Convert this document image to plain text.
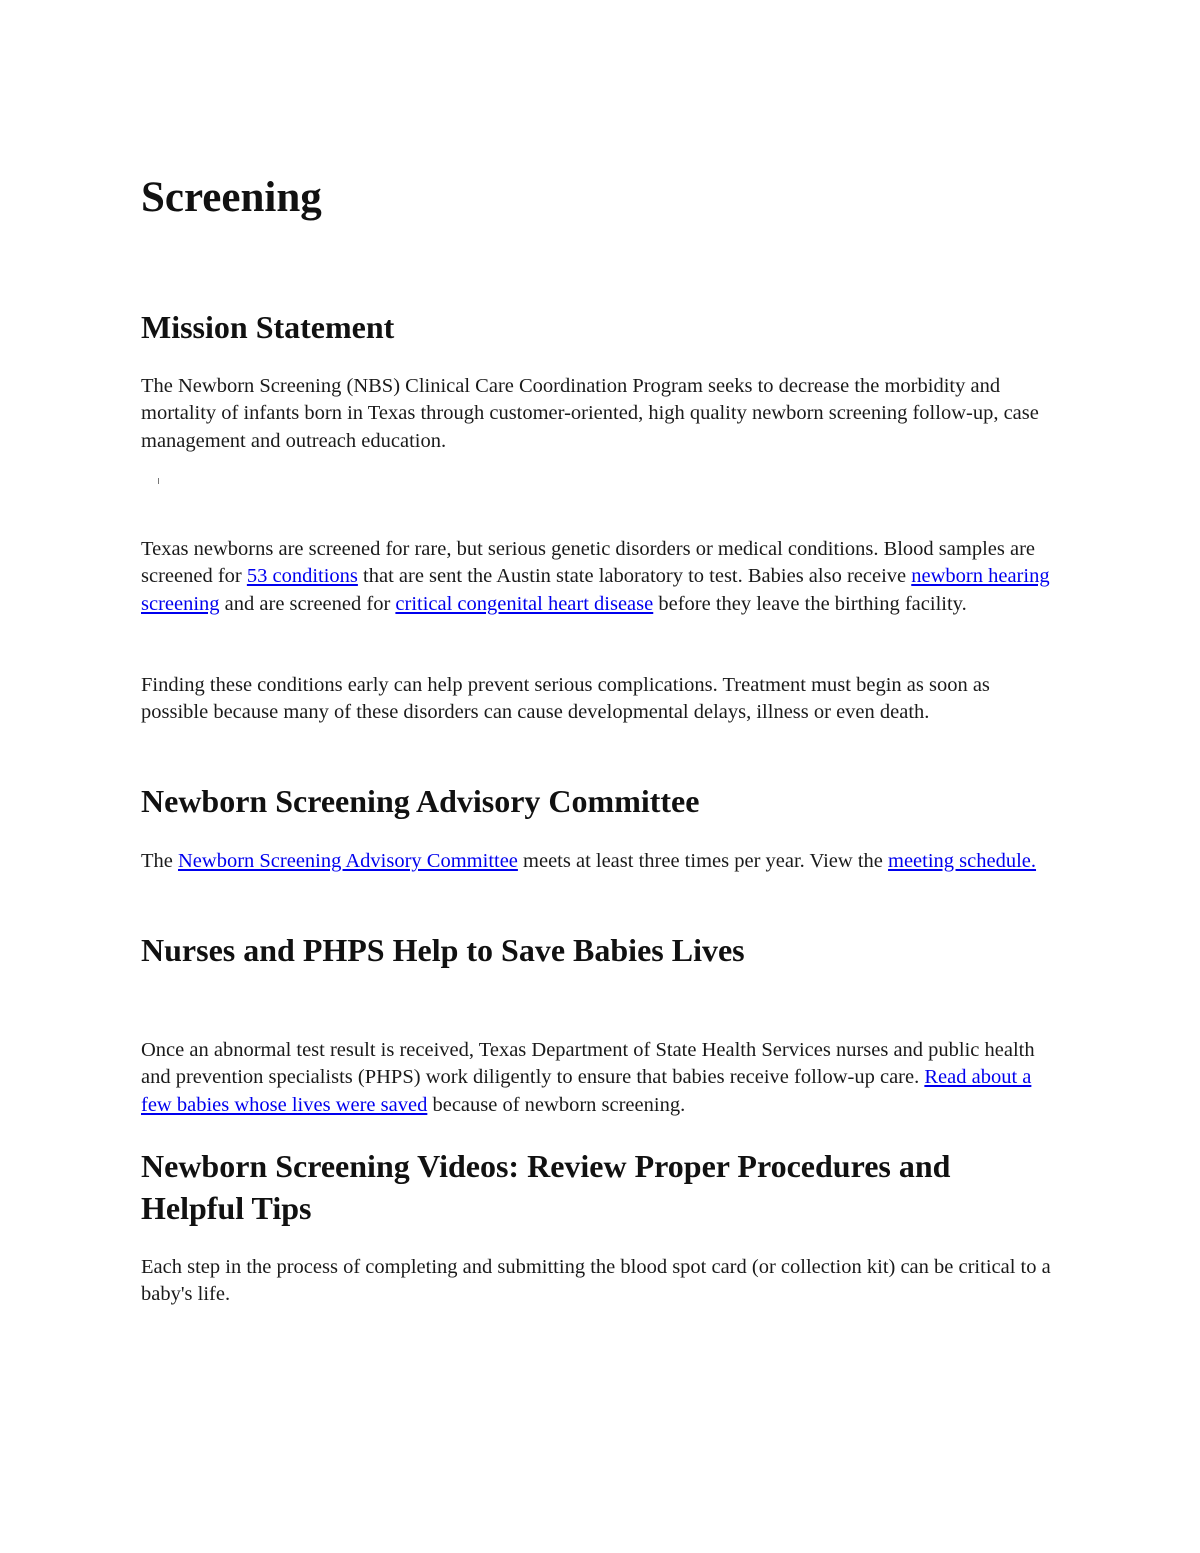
Screening
Mission Statement

The Newborn Screening (NBS) Clinical Care Coordination Program seeks to decrease the morbidity and mortality of infants born in Texas through customer-oriented, high quality newborn screening follow-up, case management and outreach education.

Texas newborns are screened for rare, but serious genetic disorders or medical conditions. Blood samples are screened for 53 conditions that are sent the Austin state laboratory to test. Babies also receive newborn hearing screening and are screened for critical congenital heart disease before they leave the birthing facility.

Finding these conditions early can help prevent serious complications. Treatment must begin as soon as possible because many of these disorders can cause developmental delays, illness or even death.

Newborn Screening Advisory Committee

The Newborn Screening Advisory Committee meets at least three times per year. View the meeting schedule.

Nurses and PHPS Help to Save Babies Lives

Once an abnormal test result is received, Texas Department of State Health Services nurses and public health and prevention specialists (PHPS) work diligently to ensure that babies receive follow-up care. Read about a few babies whose lives were saved because of newborn screening.

Newborn Screening Videos: Review Proper Procedures and Helpful Tips

Each step in the process of completing and submitting the blood spot card (or collection kit) can be critical to a baby's life.
